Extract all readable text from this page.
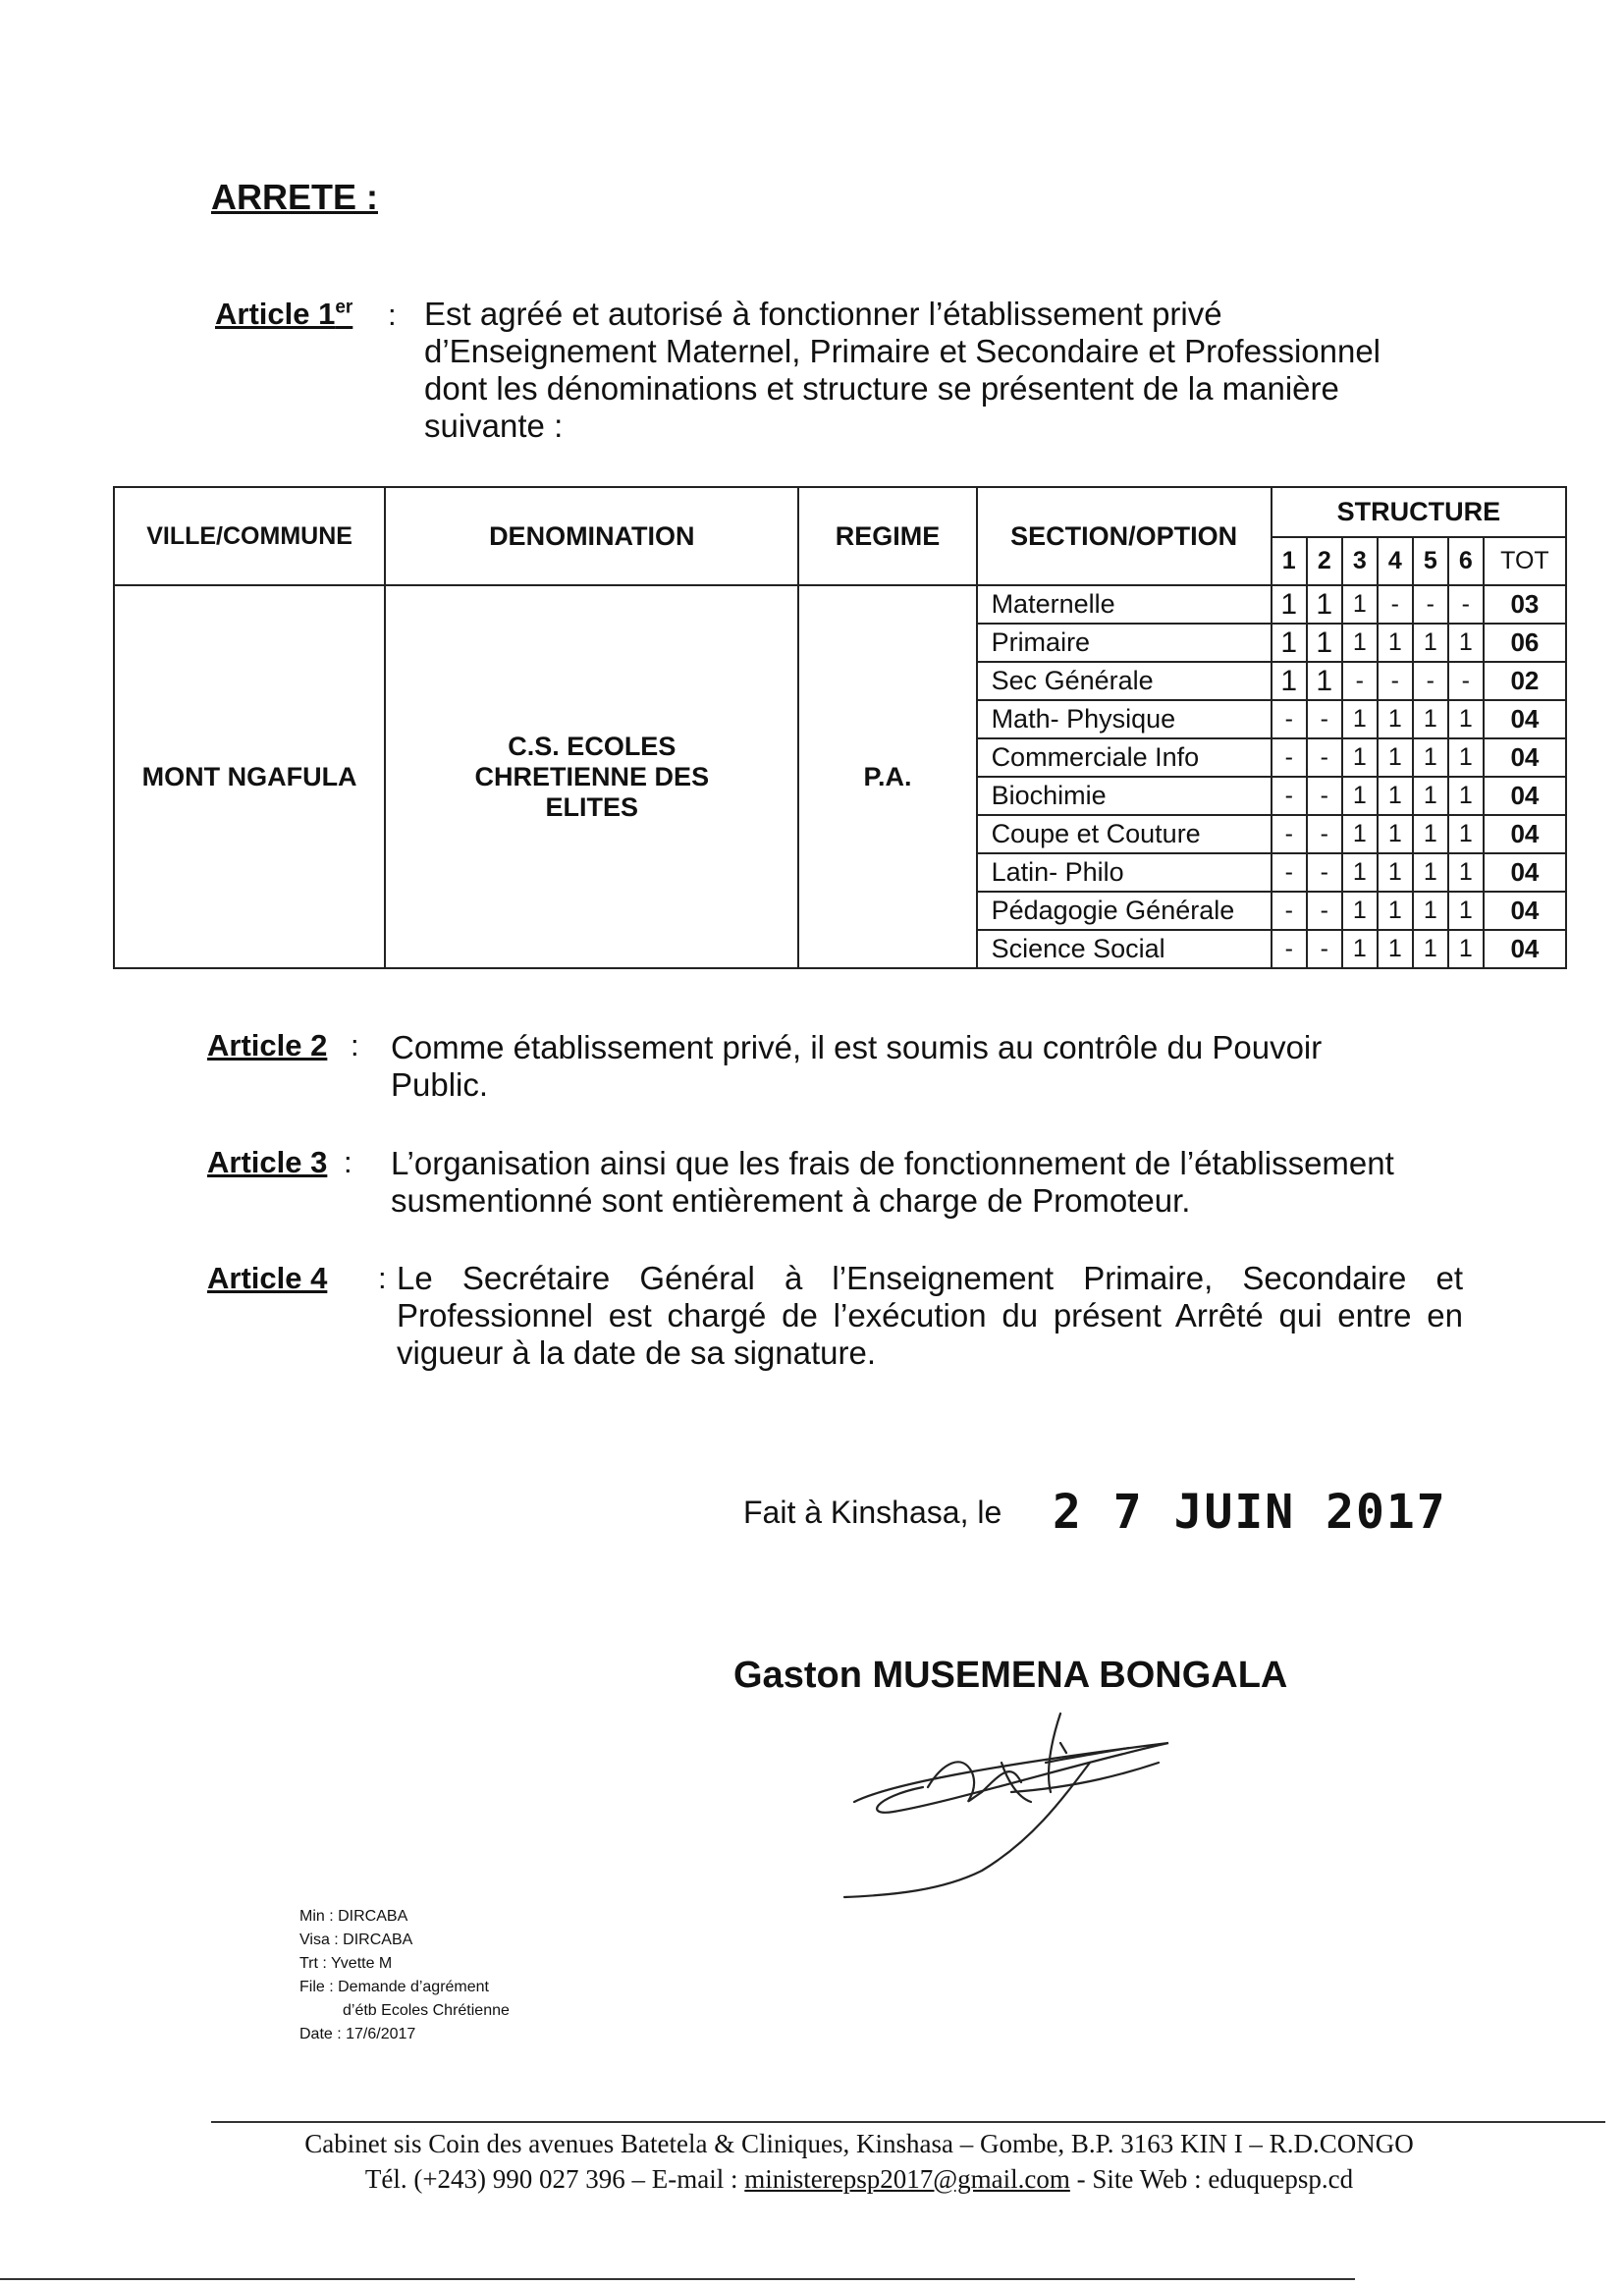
ARRETE :
Article 1er : Est agréé et autorisé à fonctionner l’établissement privé d’Enseignement Maternel, Primaire et Secondaire et Professionnel dont les dénominations et structure se présentent de la manière suivante :
VILLE/COMMUNE	DENOMINATION	REGIME	SECTION/OPTION	STRUCTURE						
				1	2	3	4	5	6	TOT
MONT NGAFULA	C.S. ECOLES CHRETIENNE DES ELITES	P.A.	Maternelle	1	1	1	-	-	-	03
			Primaire	1	1	1	1	1	1	06
			Sec Générale	1	1	-	-	-	-	02
			Math- Physique	-	-	1	1	1	1	04
			Commerciale Info	-	-	1	1	1	1	04
			Biochimie	-	-	1	1	1	1	04
			Coupe et Couture	-	-	1	1	1	1	04
			Latin- Philo	-	-	1	1	1	1	04
			Pédagogie Générale	-	-	1	1	1	1	04
			Science Social	-	-	1	1	1	1	04
Article 2 : Comme établissement privé, il est soumis au contrôle du Pouvoir Public.
Article 3 : L’organisation ainsi que les frais de fonctionnement de l’établissement susmentionné sont entièrement à charge de Promoteur.
Article 4 : Le Secrétaire Général à l’Enseignement Primaire, Secondaire et Professionnel est chargé de l’exécution du présent Arrêté qui entre en vigueur à la date de sa signature.
Fait à Kinshasa, le 2 7 JUIN 2017
Gaston MUSEMENA BONGALA
Min : DIRCABA
Visa : DIRCABA
Trt : Yvette M
File : Demande d’agrément
d’étb Ecoles Chrétienne
Date : 17/6/2017
Cabinet sis Coin des avenues Batetela & Cliniques, Kinshasa – Gombe, B.P. 3163 KIN I – R.D.CONGO
Tél. (+243) 990 027 396 – E-mail : ministerepsp2017@gmail.com - Site Web : eduquepsp.cd
